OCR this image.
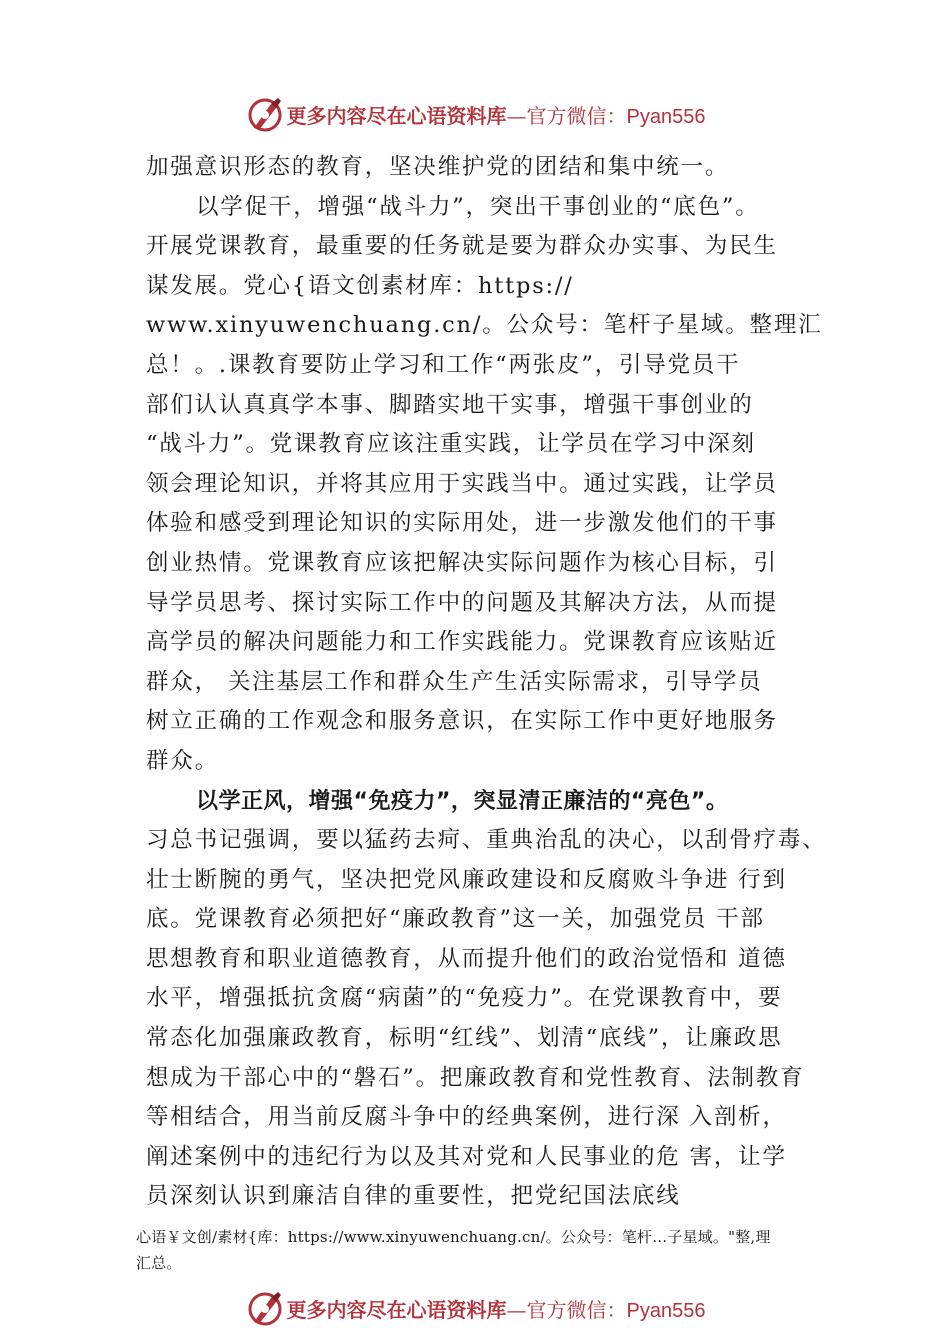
更多内容尽在心语资料库—官方微信：Pyan556
加强意识形态的教育，坚决维护党的团结和集中统一。
以学促干，增强“战斗力”，突出干事创业的“底色”。
开展党课教育，最重要的任务就是要为群众办实事、为民生
谋发展。党心{语文创素材库：https://
www.xinyuwenchuang.cn/。公众号：笔杆子星域。整理汇
总！。.课教育要防止学习和工作“两张皮”，引导党员干
部们认认真真学本事、脚踏实地干实事，增强干事创业的
“战斗力”。党课教育应该注重实践，让学员在学习中深刻
领会理论知识，并将其应用于实践当中。通过实践，让学员
体验和感受到理论知识的实际用处，进一步激发他们的干事
创业热情。党课教育应该把解决实际问题作为核心目标，引
导学员思考、探讨实际工作中的问题及其解决方法，从而提
高学员的解决问题能力和工作实践能力。党课教育应该贴近
群众， 关注基层工作和群众生产生活实际需求，引导学员
树立正确的工作观念和服务意识，在实际工作中更好地服务
群众。
以学正风，增强“免疫力”，突显清正廉洁的“亮色”。
习总书记强调，要以猛药去疴、重典治乱的决心，以刮骨疗毒、
壮士断腕的勇气，坚决把党风廉政建设和反腐败斗争进 行到
底。党课教育必须把好“廉政教育”这一关，加强党员 干部
思想教育和职业道德教育，从而提升他们的政治觉悟和 道德
水平，增强抵抗贪腐“病菌”的“免疫力”。在党课教育中，要
常态化加强廉政教育，标明“红线”、划清“底线”，让廉政思
想成为干部心中的“磐石”。把廉政教育和党性教育、法制教育
等相结合，用当前反腐斗争中的经典案例，进行深 入剖析，
阐述案例中的违纪行为以及其对党和人民事业的危 害，让学
员深刻认识到廉洁自律的重要性，把党纪国法底线
心语￥文创/素材{库：https://www.xinyuwenchuang.cn/。公众号：笔杆…子星域。"整,理
汇总。
更多内容尽在心语资料库—官方微信：Pyan556
